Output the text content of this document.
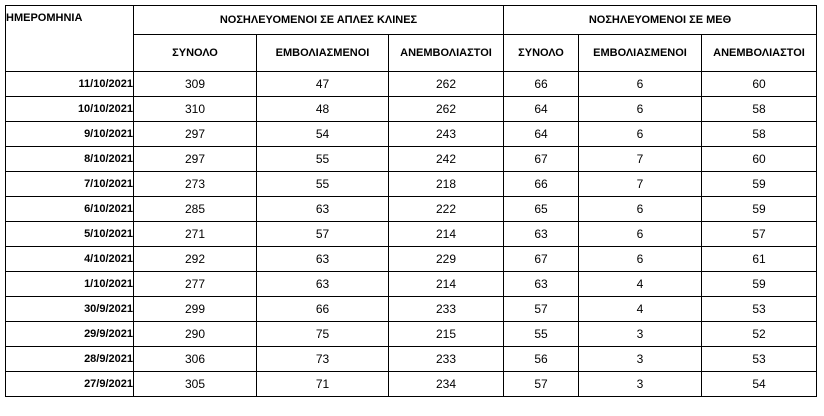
ΗΜΕΡΟΜΗΝΙΑ	ΝΟΣΗΛΕΥΟΜΕΝΟΙ ΣΕ ΑΠΛΕΣ ΚΛΙΝΕΣ			ΝΟΣΗΛΕΥΟΜΕΝΟΙ ΣΕ ΜΕΘ		
	ΣΥΝΟΛΟ	ΕΜΒΟΛΙΑΣΜΕΝΟΙ	ΑΝΕΜΒΟΛΙΑΣΤΟΙ	ΣΥΝΟΛΟ	ΕΜΒΟΛΙΑΣΜΕΝΟΙ	ΑΝΕΜΒΟΛΙΑΣΤΟΙ
11/10/2021	309	47	262	66	6	60
10/10/2021	310	48	262	64	6	58
9/10/2021	297	54	243	64	6	58
8/10/2021	297	55	242	67	7	60
7/10/2021	273	55	218	66	7	59
6/10/2021	285	63	222	65	6	59
5/10/2021	271	57	214	63	6	57
4/10/2021	292	63	229	67	6	61
1/10/2021	277	63	214	63	4	59
30/9/2021	299	66	233	57	4	53
29/9/2021	290	75	215	55	3	52
28/9/2021	306	73	233	56	3	53
27/9/2021	305	71	234	57	3	54
